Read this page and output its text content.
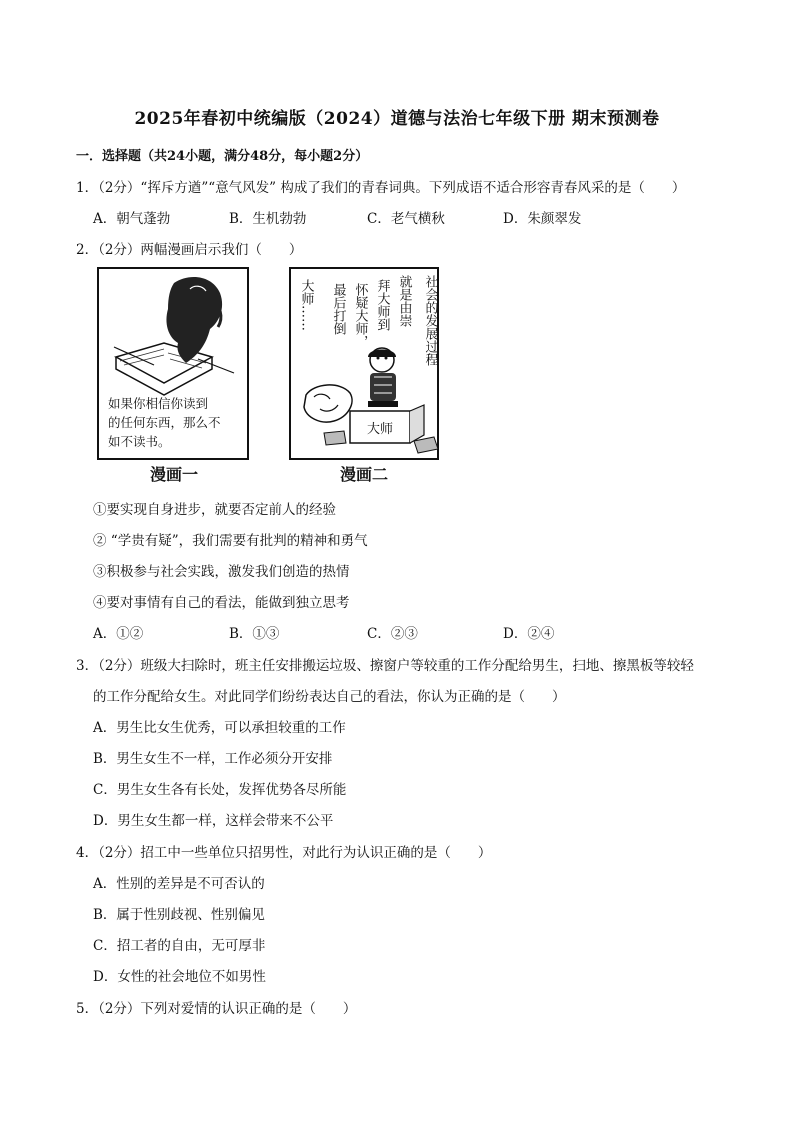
2025年春初中统编版（2024）道德与法治七年级下册 期末预测卷
一．选择题（共24小题，满分48分，每小题2分）
1．（2分）“挥斥方遒”“意气风发” 构成了我们的青春词典。下列成语不适合形容青春风采的是（　　）
A．朝气蓬勃	B．生机勃勃	C．老气横秋	D．朱颜翠发
2．（2分）两幅漫画启示我们（　　）
如果你相信你读到
的任何东西，那么不
如不读书。
漫画一
社会的发展过程
就是由崇
拜大师到
怀疑大师，
最后打倒
大师……
大师
漫画二
①要实现自身进步，就要否定前人的经验
② “学贵有疑”，我们需要有批判的精神和勇气
③积极参与社会实践，激发我们创造的热情
④要对事情有自己的看法，能做到独立思考
A．①②	B．①③	C．②③	D．②④
3．（2分）班级大扫除时，班主任安排搬运垃圾、擦窗户等较重的工作分配给男生，扫地、擦黑板等较轻
的工作分配给女生。对此同学们纷纷表达自己的看法，你认为正确的是（　　）
A．男生比女生优秀，可以承担较重的工作
B．男生女生不一样，工作必须分开安排
C．男生女生各有长处，发挥优势各尽所能
D．男生女生都一样，这样会带来不公平
4．（2分）招工中一些单位只招男性，对此行为认识正确的是（　　）
A．性别的差异是不可否认的
B．属于性别歧视、性别偏见
C．招工者的自由，无可厚非
D．女性的社会地位不如男性
5．（2分）下列对爱情的认识正确的是（　　）
